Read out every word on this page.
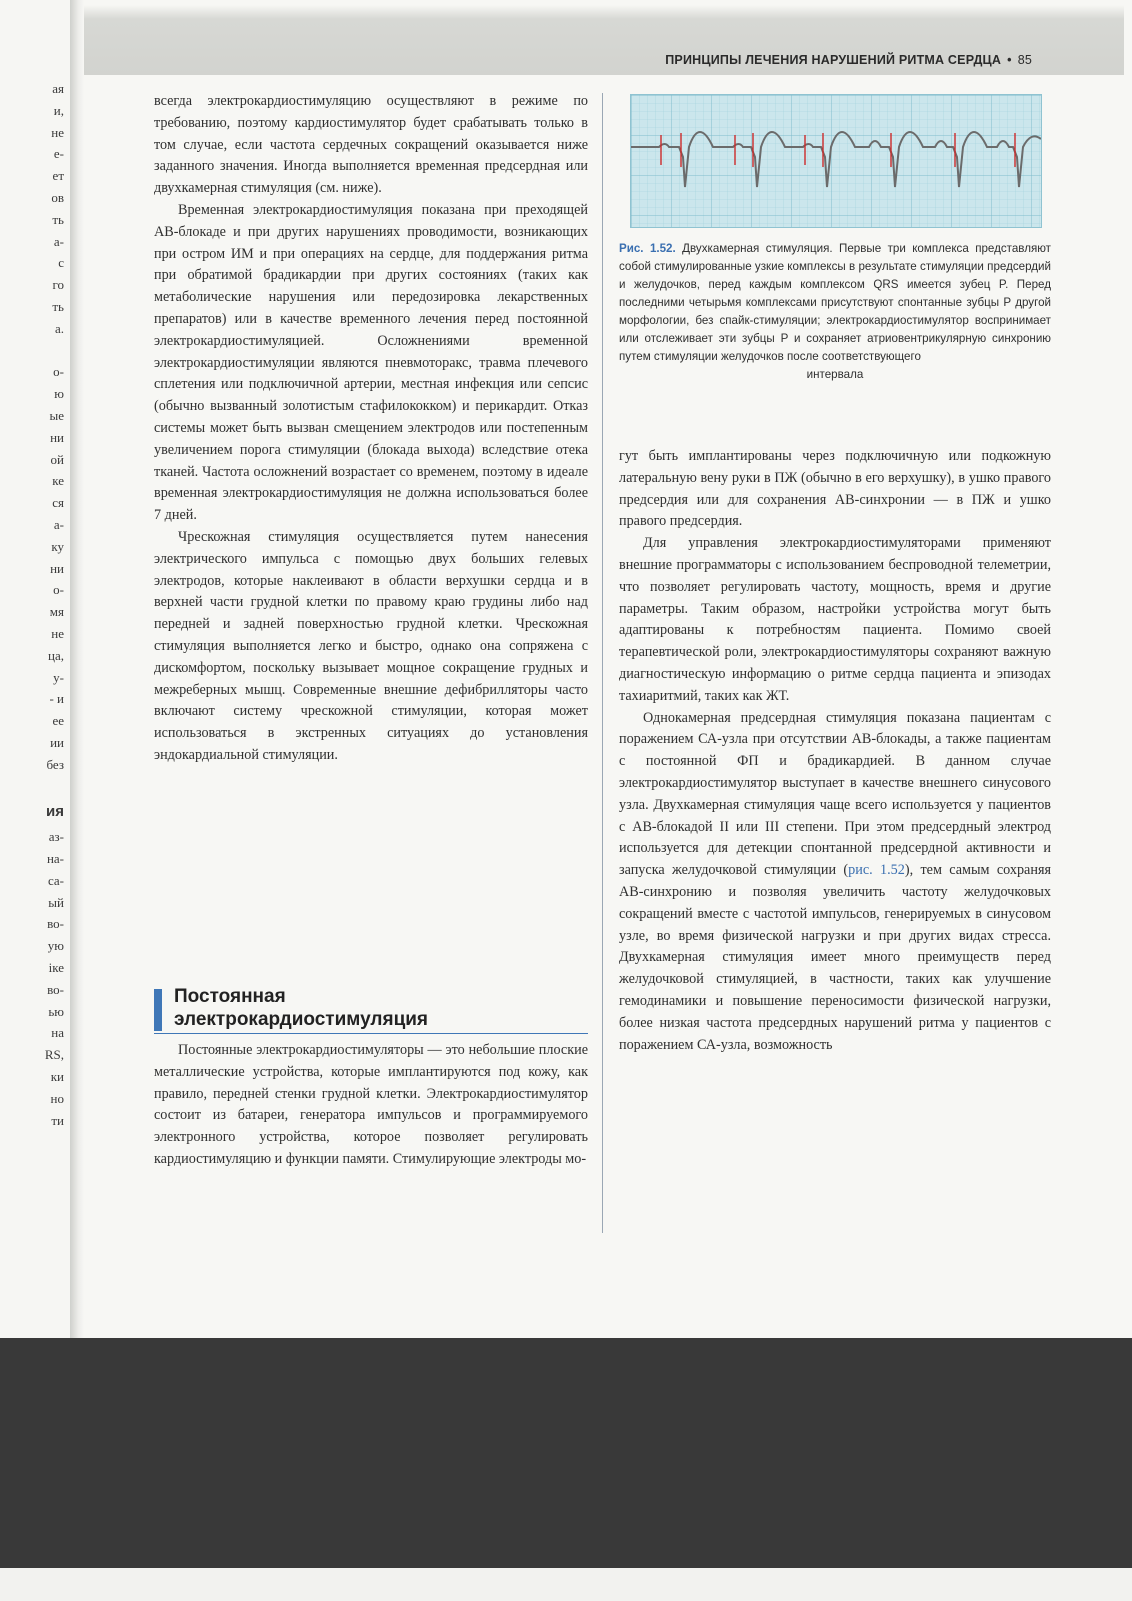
ая
и,
не
е-
ет
ов
ть
а-
с
го
ть
а.

о-
ю
ые
ни
ой
ке
ся
а-
ку
ни
о-
мя
не
ца,
у-
- и
ее
ии
без

ия
аз-
на-
са-
ый
во-
ую
іке
во-
ью
на
RS,
ки
но
ти
ПРИНЦИПЫ ЛЕЧЕНИЯ НАРУШЕНИЙ РИТМА СЕРДЦА • 85

всегда электрокардиостимуляцию осуществляют в режиме по требованию, поэтому кардиостимулятор будет срабатывать только в том случае, если частота сердечных сокращений оказывается ниже заданного значения. Иногда выполняется временная предсердная или двухкамерная стимуляция (см. ниже).

Временная электрокардиостимуляция показана при преходящей АВ-блокаде и при других нарушениях проводимости, возникающих при остром ИМ и при операциях на сердце, для поддержания ритма при обратимой брадикардии при других состояниях (таких как метаболические нарушения или передозировка лекарственных препаратов) или в качестве временного лечения перед постоянной электрокардиостимуляцией. Осложнениями временной электрокардиостимуляции являются пневмоторакс, травма плечевого сплетения или подключичной артерии, местная инфекция или сепсис (обычно вызванный золотистым стафилококком) и перикардит. Отказ системы может быть вызван смещением электродов или постепенным увеличением порога стимуляции (блокада выхода) вследствие отека тканей. Частота осложнений возрастает со временем, поэтому в идеале временная электрокардиостимуляция не должна использоваться более 7 дней.

Чрескожная стимуляция осуществляется путем нанесения электрического импульса с помощью двух больших гелевых электродов, которые наклеивают в области верхушки сердца и в верхней части грудной клетки по правому краю грудины либо над передней и задней поверхностью грудной клетки. Чрескожная стимуляция выполняется легко и быстро, однако она сопряжена с дискомфортом, поскольку вызывает мощное сокращение грудных и межреберных мышц. Современные внешние дефибрилляторы часто включают систему чрескожной стимуляции, которая может использоваться в экстренных ситуациях до установления эндокардиальной стимуляции.

Постоянная
электрокардиостимуляция

Постоянные электрокардиостимуляторы — это небольшие плоские металлические устройства, которые имплантируются под кожу, как правило, передней стенки грудной клетки. Электрокардиостимулятор состоит из батареи, генератора импульсов и программируемого электронного устройства, которое позволяет регулировать кардиостимуляцию и функции памяти. Стимулирующие электроды мо-

Рис. 1.52. Двухкамерная стимуляция. Первые три комплекса представляют собой стимулированные узкие комплексы в результате стимуляции предсердий и желудочков, перед каждым комплексом QRS имеется зубец P. Перед последними четырьмя комплексами присутствуют спонтанные зубцы P другой морфологии, без спайк-стимуляции; электрокардиостимулятор воспринимает или отслеживает эти зубцы P и сохраняет атриовентрикулярную синхронию путем стимуляции желудочков после соответствующего
интервала

гут быть имплантированы через подключичную или подкожную латеральную вену руки в ПЖ (обычно в его верхушку), в ушко правого предсердия или для сохранения АВ-синхронии — в ПЖ и ушко правого предсердия.

Для управления электрокардиостимуляторами применяют внешние программаторы с использованием беспроводной телеметрии, что позволяет регулировать частоту, мощность, время и другие параметры. Таким образом, настройки устройства могут быть адаптированы к потребностям пациента. Помимо своей терапевтической роли, электрокардиостимуляторы сохраняют важную диагностическую информацию о ритме сердца пациента и эпизодах тахиаритмий, таких как ЖТ.

Однокамерная предсердная стимуляция показана пациентам с поражением СА-узла при отсутствии АВ-блокады, а также пациентам с постоянной ФП и брадикардией. В данном случае электрокардиостимулятор выступает в качестве внешнего синусового узла. Двухкамерная стимуляция чаще всего используется у пациентов с АВ-блокадой II или III степени. При этом предсердный электрод используется для детекции спонтанной предсердной активности и запуска желудочковой стимуляции (рис. 1.52), тем самым сохраняя АВ-синхронию и позволяя увеличить частоту желудочковых сокращений вместе с частотой импульсов, генерируемых в синусовом узле, во время физической нагрузки и при других видах стресса. Двухкамерная стимуляция имеет много преимуществ перед желудочковой стимуляцией, в частности, таких как улучшение гемодинамики и повышение переносимости физической нагрузки, более низкая частота предсердных нарушений ритма у пациентов с поражением СА-узла, возможность
